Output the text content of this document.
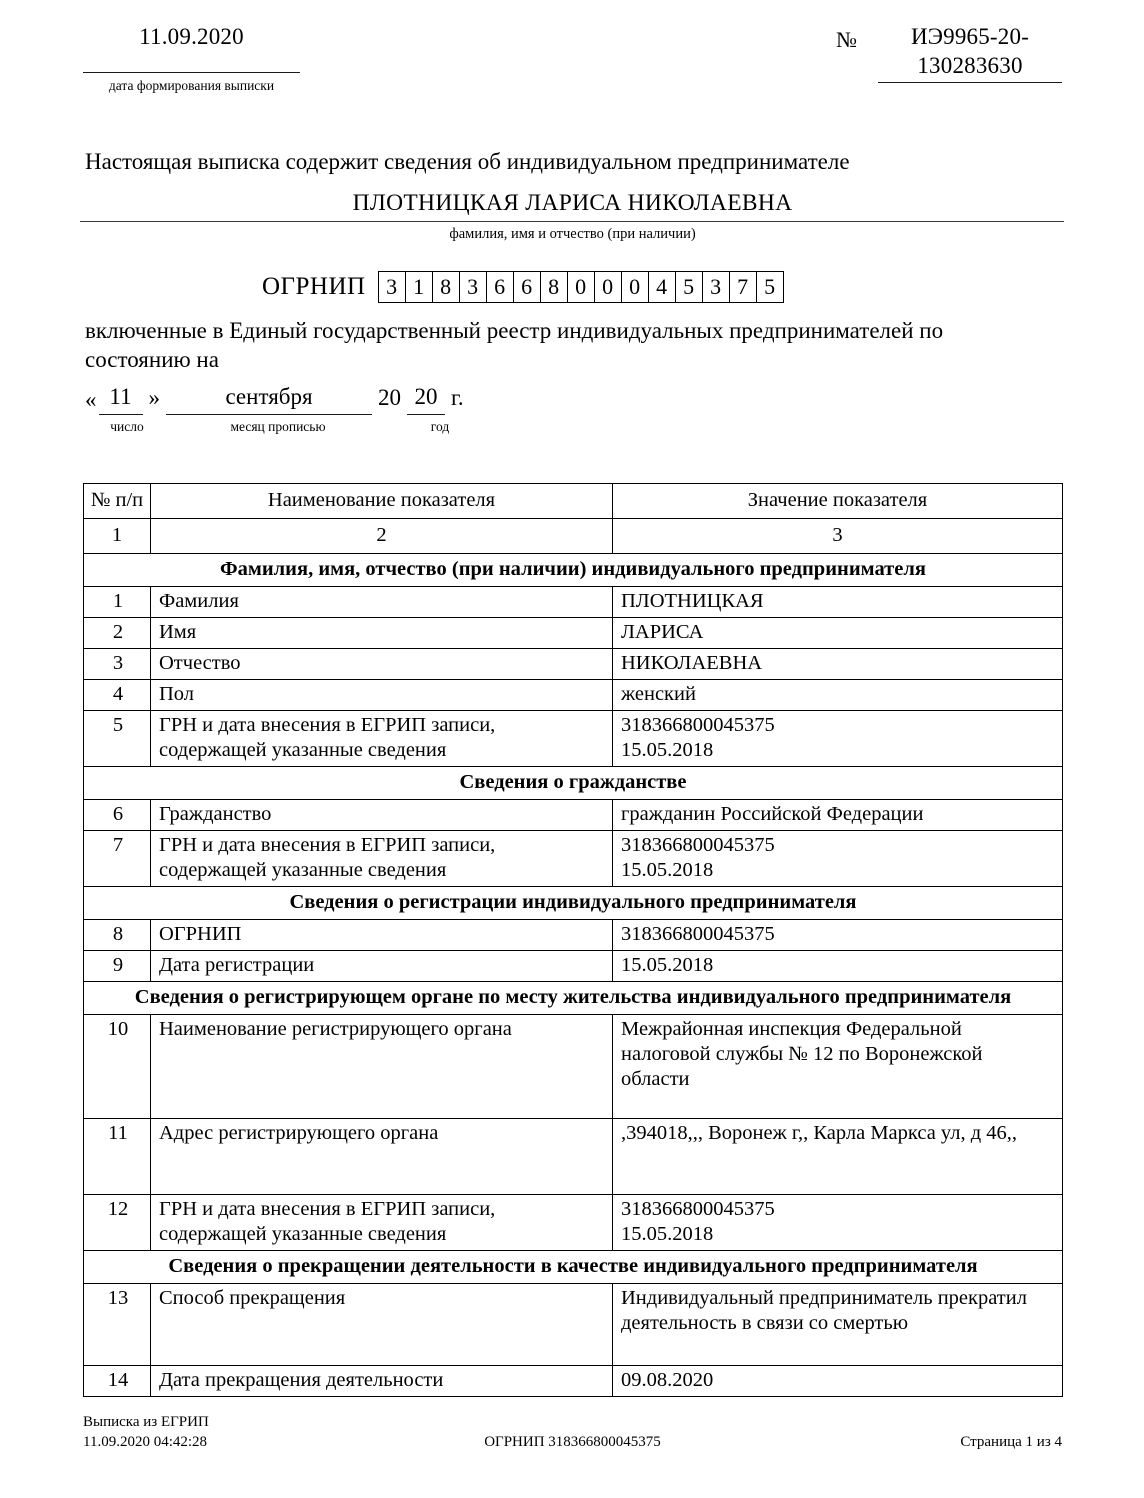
11.09.2020
дата формирования выписки
№	ИЭ9965-20-130283630
Настоящая выписка содержит сведения об индивидуальном предпринимателе
ПЛОТНИЦКАЯ ЛАРИСА НИКОЛАЕВНА
фамилия, имя и отчество (при наличии)
ОГРНИП 3 1 8 3 6 6 8 0 0 0 4 5 3 7 5
включенные в Единый государственный реестр индивидуальных предпринимателей по состоянию на
« 11 »	сентября	20 20 г.
число	месяц прописью	год
№ п/п	Наименование показателя	Значение показателя
1	2	3
Фамилия, имя, отчество (при наличии) индивидуального предпринимателя		
1	Фамилия	ПЛОТНИЦКАЯ
2	Имя	ЛАРИСА
3	Отчество	НИКОЛАЕВНА
4	Пол	женский
5	ГРН и дата внесения в ЕГРИП записи, содержащей указанные сведения	318366800045375
15.05.2018
Сведения о гражданстве		
6	Гражданство	гражданин Российской Федерации
7	ГРН и дата внесения в ЕГРИП записи, содержащей указанные сведения	318366800045375
15.05.2018
Сведения о регистрации индивидуального предпринимателя		
8	ОГРНИП	318366800045375
9	Дата регистрации	15.05.2018
Сведения о регистрирующем органе по месту жительства индивидуального предпринимателя		
10	Наименование регистрирующего органа	Межрайонная инспекция Федеральной налоговой службы № 12 по Воронежской области
11	Адрес регистрирующего органа	,394018,,, Воронеж г,, Карла Маркса ул, д 46,,
12	ГРН и дата внесения в ЕГРИП записи, содержащей указанные сведения	318366800045375
15.05.2018
Сведения о прекращении деятельности в качестве индивидуального предпринимателя		
13	Способ прекращения	Индивидуальный предприниматель прекратил деятельность в связи со смертью
14	Дата прекращения деятельности	09.08.2020
Выписка из ЕГРИП
11.09.2020 04:42:28	ОГРНИП 318366800045375	Страница 1 из 4
